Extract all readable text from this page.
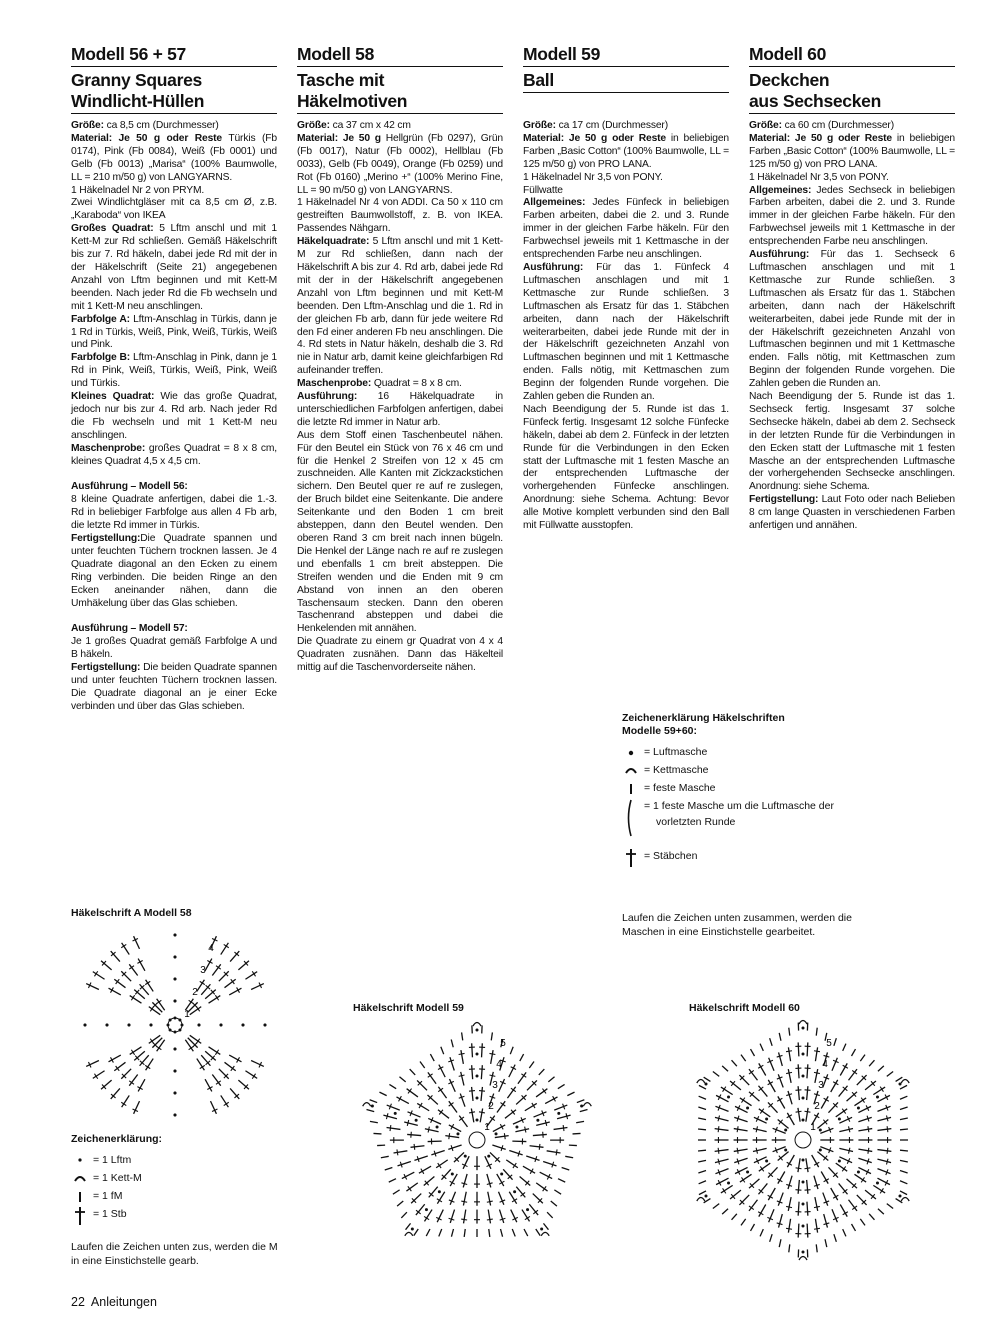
Modell 56 + 57
Granny Squares
Windlicht-Hüllen

Größe: ca 8,5 cm (Durchmesser)

Material: Je 50 g oder Reste Türkis (Fb 0174), Pink (Fb 0084), Weiß (Fb 0001) und Gelb (Fb 0013) „Marisa“ (100% Baumwolle, LL = 210 m/50 g) von LANGYARNS.

1 Häkelnadel Nr 2 von PRYM.

Zwei Windlichtgläser mit ca 8,5 cm Ø, z.B. „Karaboda“ von IKEA

Großes Quadrat: 5 Lftm anschl und mit 1 Kett-M zur Rd schließen. Gemäß Häkelschrift bis zur 7. Rd häkeln, dabei jede Rd mit der in der Häkelschrift (Seite 21) angegebenen Anzahl von Lftm beginnen und mit Kett-M beenden. Nach jeder Rd die Fb wechseln und mit 1 Kett-M neu anschlingen.

Farbfolge A: Lftm-Anschlag in Türkis, dann je 1 Rd in Türkis, Weiß, Pink, Weiß, Türkis, Weiß und Pink.

Farbfolge B: Lftm-Anschlag in Pink, dann je 1 Rd in Pink, Weiß, Türkis, Weiß, Pink, Weiß und Türkis.

Kleines Quadrat: Wie das große Quadrat, jedoch nur bis zur 4. Rd arb. Nach jeder Rd die Fb wechseln und mit 1 Kett-M neu anschlingen.

Maschenprobe: großes Quadrat = 8 x 8 cm, kleines Quadrat 4,5 x 4,5 cm.

Ausführung – Modell 56:

8 kleine Quadrate anfertigen, dabei die 1.-3. Rd in beliebiger Farbfolge aus allen 4 Fb arb, die letzte Rd immer in Türkis.

Fertigstellung:Die Quadrate spannen und unter feuchten Tüchern trocknen lassen. Je 4 Quadrate diagonal an den Ecken zu einem Ring verbinden. Die beiden Ringe an den Ecken aneinander nähen, dann die Umhäkelung über das Glas schieben.

Ausführung – Modell 57:

Je 1 großes Quadrat gemäß Farbfolge A und B häkeln.

Fertigstellung: Die beiden Quadrate spannen und unter feuchten Tüchern trocknen lassen. Die Quadrate diagonal an je einer Ecke verbinden und über das Glas schieben.

Modell 58
Tasche mit
Häkelmotiven

Größe: ca 37 cm x 42 cm

Material: Je 50 g Hellgrün (Fb 0297), Grün (Fb 0017), Natur (Fb 0002), Hellblau (Fb 0033), Gelb (Fb 0049), Orange (Fb 0259) und Rot (Fb 0160) „Merino +“ (100% Merino Fine, LL = 90 m/50 g) von LANGYARNS.

1 Häkelnadel Nr 4 von ADDI. Ca 50 x 110 cm gestreiften Baumwollstoff, z. B. von IKEA. Passendes Nähgarn.

Häkelquadrate: 5 Lftm anschl und mit 1 Kett-M zur Rd schließen, dann nach der Häkelschrift A bis zur 4. Rd arb, dabei jede Rd mit der in der Häkelschrift angegebenen Anzahl von Lftm beginnen und mit Kett-M beenden. Den Lftm-Anschlag und die 1. Rd in der gleichen Fb arb, dann für jede weitere Rd den Fd einer anderen Fb neu anschlingen. Die 4. Rd stets in Natur häkeln, deshalb die 3. Rd nie in Natur arb, damit keine gleichfarbigen Rd aufeinander treffen.

Maschenprobe: Quadrat = 8 x 8 cm.

Ausführung: 16 Häkelquadrate in unterschiedlichen Farbfolgen anfertigen, dabei die letzte Rd immer in Natur arb.

Aus dem Stoff einen Taschenbeutel nähen. Für den Beutel ein Stück von 76 x 46 cm und für die Henkel 2 Streifen von 12 x 45 cm zuschneiden. Alle Kanten mit Zickzackstichen sichern. Den Beutel quer re auf re zuslegen, der Bruch bildet eine Seitenkante. Die andere Seitenkante und den Boden 1 cm breit absteppen, dann den Beutel wenden. Den oberen Rand 3 cm breit nach innen bügeln. Die Henkel der Länge nach re auf re zuslegen und ebenfalls 1 cm breit absteppen. Die Streifen wenden und die Enden mit 9 cm Abstand von innen an den oberen Taschensaum stecken. Dann den oberen Taschenrand absteppen und dabei die Henkelenden mit annähen.

Die Quadrate zu einem gr Quadrat von 4 x 4 Quadraten zusnähen. Dann das Häkelteil mittig auf die Taschenvorderseite nähen.

Modell 59
Ball

Größe: ca 17 cm (Durchmesser)

Material: Je 50 g oder Reste in beliebigen Farben „Basic Cotton“ (100% Baumwolle, LL = 125 m/50 g) von PRO LANA.

1 Häkelnadel Nr 3,5 von PONY.

Füllwatte

Allgemeines: Jedes Fünfeck in beliebigen Farben arbeiten, dabei die 2. und 3. Runde immer in der gleichen Farbe häkeln. Für den Farbwechsel jeweils mit 1 Kettmasche in der entsprechenden Farbe neu anschlingen.

Ausführung: Für das 1. Fünfeck 4 Luftmaschen anschlagen und mit 1 Kettmasche zur Runde schließen. 3 Luftmaschen als Ersatz für das 1. Stäbchen arbeiten, dann nach der Häkelschrift weiterarbeiten, dabei jede Runde mit der in der Häkelschrift gezeichneten Anzahl von Luftmaschen beginnen und mit 1 Kettmasche enden. Falls nötig, mit Kettmaschen zum Beginn der folgenden Runde vorgehen. Die Zahlen geben die Runden an.

Nach Beendigung der 5. Runde ist das 1. Fünfeck fertig. Insgesamt 12 solche Fünfecke häkeln, dabei ab dem 2. Fünfeck in der letzten Runde für die Verbindungen in den Ecken statt der Luftmasche mit 1 festen Masche an der entsprechenden Luftmasche der vorhergehenden Fünfecke anschlingen. Anordnung: siehe Schema. Achtung: Bevor alle Motive komplett verbunden sind den Ball mit Füllwatte ausstopfen.

Modell 60
Deckchen
aus Sechsecken

Größe: ca 60 cm (Durchmesser)

Material: Je 50 g oder Reste in beliebigen Farben „Basic Cotton“ (100% Baumwolle, LL = 125 m/50 g) von PRO LANA.

1 Häkelnadel Nr 3,5 von PONY.

Allgemeines: Jedes Sechseck in beliebigen Farben arbeiten, dabei die 2. und 3. Runde immer in der gleichen Farbe häkeln. Für den Farbwechsel jeweils mit 1 Kettmasche in der entsprechenden Farbe neu anschlingen.

Ausführung: Für das 1. Sechseck 6 Luftmaschen anschlagen und mit 1 Kettmasche zur Runde schließen. 3 Luftmaschen als Ersatz für das 1. Stäbchen arbeiten, dann nach der Häkelschrift weiterarbeiten, dabei jede Runde mit der in der Häkelschrift gezeichneten Anzahl von Luftmaschen beginnen und mit 1 Kettmasche enden. Falls nötig, mit Kettmaschen zum Beginn der folgenden Runde vorgehen. Die Zahlen geben die Runden an.

Nach Beendigung der 5. Runde ist das 1. Sechseck fertig. Insgesamt 37 solche Sechsecke häkeln, dabei ab dem 2. Sechseck in der letzten Runde für die Verbindungen in den Ecken statt der Luftmasche mit 1 festen Masche an der entsprechenden Luftmasche der vorhergehenden Sechsecke anschlingen. Anordnung: siehe Schema.

Fertigstellung: Laut Foto oder nach Belieben 8 cm lange Quasten in verschiedenen Farben anfertigen und annähen.

Zeichenerklärung Häkelschriften
Modelle 59+60:
= Luftmasche
= Kettmasche
= feste Masche
= 1 feste Masche um die Luftmasche der
vorletzten Runde
= Stäbchen
Laufen die Zeichen unten zusammen, werden die Maschen in eine Einstichstelle gearbeitet.
Häkelschrift A Modell 58
Häkelschrift Modell 59	Häkelschrift Modell 60
1
2
3
4
1
2
3
4
5
1
2
3
4
5
Zeichenerklärung:
= 1 Lftm
= 1 Kett-M
= 1 fM
= 1 Stb
Laufen die Zeichen unten zus, werden die M in eine Einstichstelle gearb.
22 Anleitungen
